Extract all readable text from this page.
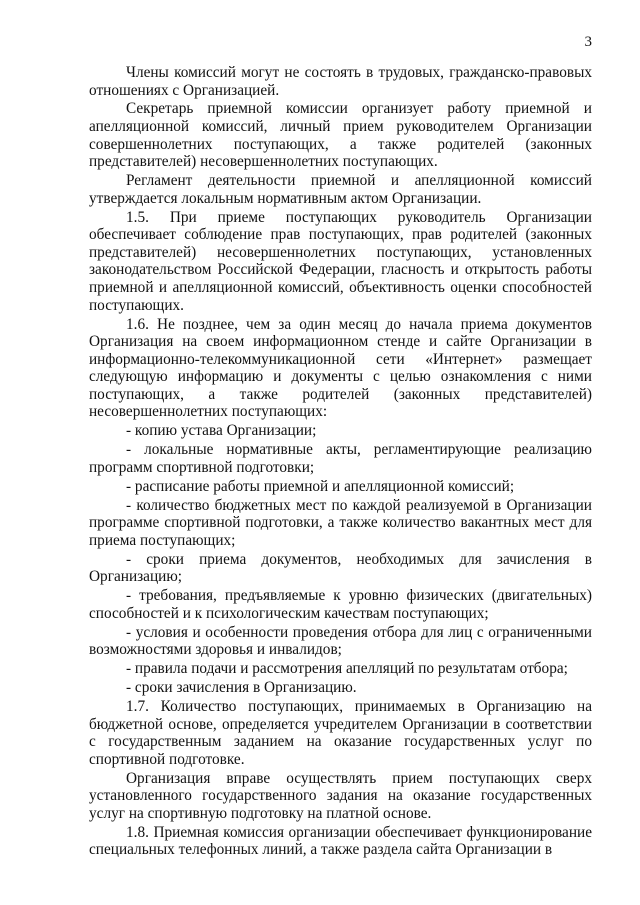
3

Члены комиссий могут не состоять в трудовых, гражданско-правовых отношениях с Организацией.

Секретарь приемной комиссии организует работу приемной и апелляционной комиссий, личный прием руководителем Организации совершеннолетних поступающих, а также родителей (законных представителей) несовершеннолетних поступающих.

Регламент деятельности приемной и апелляционной комиссий утверждается локальным нормативным актом Организации.

1.5. При приеме поступающих руководитель Организации обеспечивает соблюдение прав поступающих, прав родителей (законных представителей) несовершеннолетних поступающих, установленных законодательством Российской Федерации, гласность и открытость работы приемной и апелляционной комиссий, объективность оценки способностей поступающих.

1.6. Не позднее, чем за один месяц до начала приема документов Организация на своем информационном стенде и сайте Организации в информационно-телекоммуникационной сети «Интернет» размещает следующую информацию и документы с целью ознакомления с ними поступающих, а также родителей (законных представителей) несовершеннолетних поступающих:

- копию устава Организации;

- локальные нормативные акты, регламентирующие реализацию программ спортивной подготовки;

- расписание работы приемной и апелляционной комиссий;

- количество бюджетных мест по каждой реализуемой в Организации программе спортивной подготовки, а также количество вакантных мест для приема поступающих;

- сроки приема документов, необходимых для зачисления в Организацию;

- требования, предъявляемые к уровню физических (двигательных) способностей и к психологическим качествам поступающих;

- условия и особенности проведения отбора для лиц с ограниченными возможностями здоровья и инвалидов;

- правила подачи и рассмотрения апелляций по результатам отбора;

- сроки зачисления в Организацию.

1.7. Количество поступающих, принимаемых в Организацию на бюджетной основе, определяется учредителем Организации в соответствии с государственным заданием на оказание государственных услуг по спортивной подготовке.

Организация вправе осуществлять прием поступающих сверх установленного государственного задания на оказание государственных услуг на спортивную подготовку на платной основе.

1.8. Приемная комиссия организации обеспечивает функционирование специальных телефонных линий, а также раздела сайта Организации в
